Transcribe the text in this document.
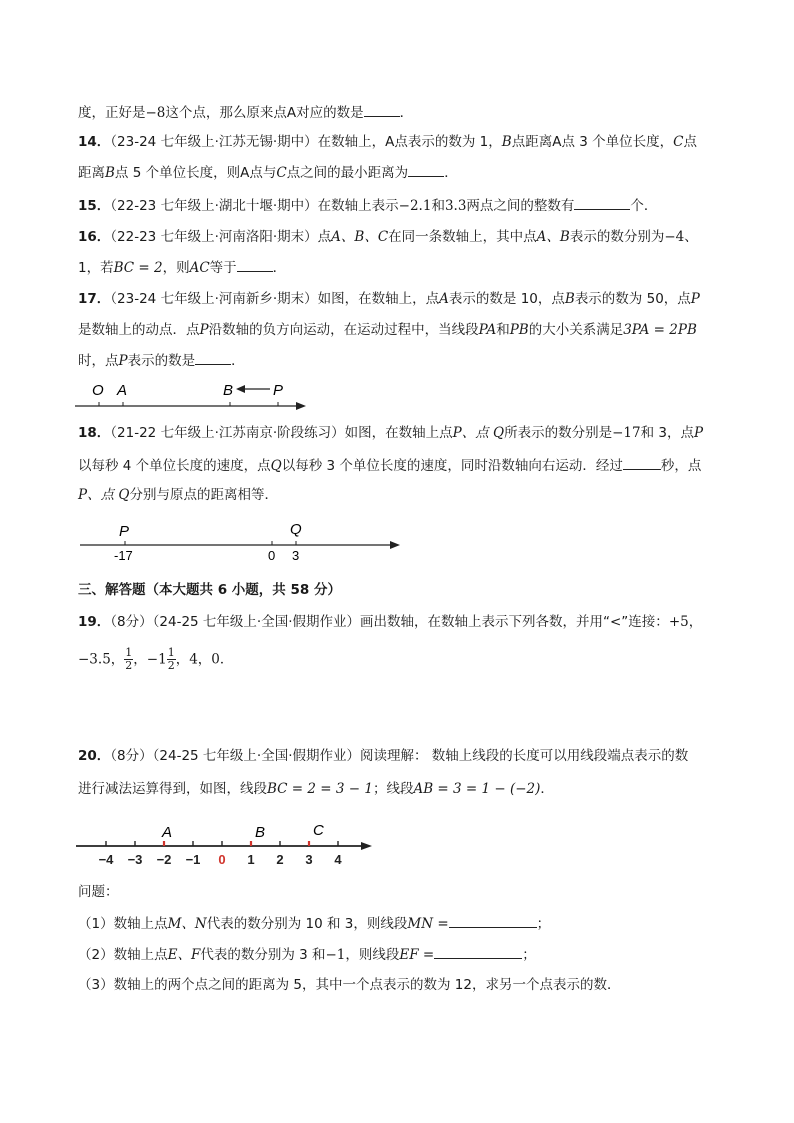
度，正好是−8这个点，那么原来点A对应的数是	．
14．（23-24 七年级上·江苏无锡·期中）在数轴上，A点表示的数为 1，B点距离A点 3 个单位长度，C点
距离B点 5 个单位长度，则A点与C点之间的最小距离为	．
15．（22-23 七年级上·湖北十堰·期中）在数轴上表示−2.1和3.3两点之间的整数有	个．
16．（22-23 七年级上·河南洛阳·期末）点A、B、C在同一条数轴上，其中点A、B表示的数分别为−4、
1，若BC = 2，则AC等于	．
17．（23-24 七年级上·河南新乡·期末）如图，在数轴上，点A表示的数是 10，点B表示的数为 50，点P
是数轴上的动点．点P沿数轴的负方向运动，在运动过程中，当线段PA和PB的大小关系满足3PA = 2PB
时，点P表示的数是	．
O A	B	P
18．（21-22 七年级上·江苏南京·阶段练习）如图，在数轴上点P、点 Q所表示的数分别是−17和 3，点P
以每秒 4 个单位长度的速度，点Q以每秒 3 个单位长度的速度，同时沿数轴向右运动．经过	秒，点
P、点 Q分别与原点的距离相等．
P	Q
-17	0 3
三、解答题（本大题共 6 小题，共 58 分）
19．（8分）（24-25 七年级上·全国·假期作业）画出数轴，在数轴上表示下列各数，并用“<”连接：+5，
−3.5， $\frac{1}{2}$ ，$-1 \frac{1}{2}$ ，4，0．
20．（8分）（24-25 七年级上·全国·假期作业）阅读理解： 数轴上线段的长度可以用线段端点表示的数
进行减法运算得到，如图，线段BC = 2 = 3 − 1；线段AB = 3 = 1 − (−2)．
−4 −3 −2 −1 0 1 2 3 4
A	B	C
问题：
（1）数轴上点M、N代表的数分别为 10 和 3，则线段MN =	；
（2）数轴上点E、F代表的数分别为 3 和−1，则线段EF =	；
（3）数轴上的两个点之间的距离为 5，其中一个点表示的数为 12，求另一个点表示的数．
